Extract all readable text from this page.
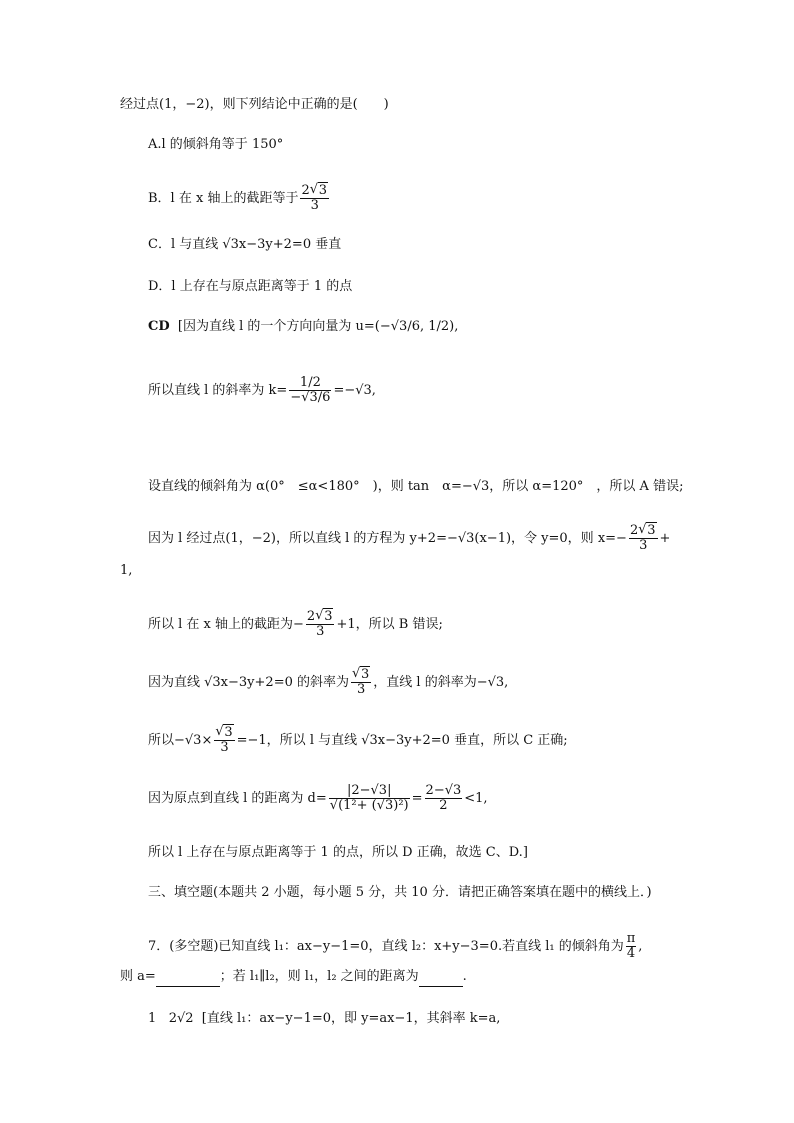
经过点(1，−2)，则下列结论中正确的是(　　)
A.l 的倾斜角等于 150°
B．l 在 x 轴上的截距等于 $\frac{2 √ 3}{3}$
C．l 与直线 √3x−3y+2=0 垂直
D．l 上存在与原点距离等于 1 的点
CD [因为直线 l 的一个方向向量为 u=(−√3/6, 1/2),
所以直线 l 的斜率为 $k= \frac{1/2}{-√3/6} =-√3$,
设直线的倾斜角为 α(0°　≤α<180°　)，则 tan　α=−√3，所以 α=120°　，所以 A 错误;
因为 l 经过点(1，−2)，所以直线 l 的方程为 y+2=−√3(x−1)，令 y=0，则 $x=- \frac{2 √ 3}{3}$ +
1,
所以 l 在 x 轴上的截距为− $\frac{2 √ 3}{3} +1$，所以 B 错误;
因为直线 √3x−3y+2=0 的斜率为 √ $\frac{3}{3}$ ，直线 l 的斜率为−√3,
所以−√3× √ $\frac{3}{3} =-1$，所以 l 与直线 √3x−3y+2=0 垂直，所以 C 正确;
因为原点到直线 l 的距离为 $d= \frac{|2-√3|}{\text{√(1²+ (√3)²)}} = \frac{2-√3}{2} <1$,
所以 l 上存在与原点距离等于 1 的点，所以 D 正确，故选 C、D.]
三、填空题(本题共 2 小题，每小题 5 分，共 10 分．请把正确答案填在题中的横线上．)
7．(多空题)已知直线 l₁：ax−y−1=0，直线 l₂：x+y−3=0.若直线 l₁ 的倾斜角为 $\frac{\pi}{4}$ ,
则 a=	；若 l₁∥l₂，则 l₁，l₂ 之间的距离为	.
1 2√2 [直线 l₁：ax−y−1=0，即 y=ax−1，其斜率 k=a,
